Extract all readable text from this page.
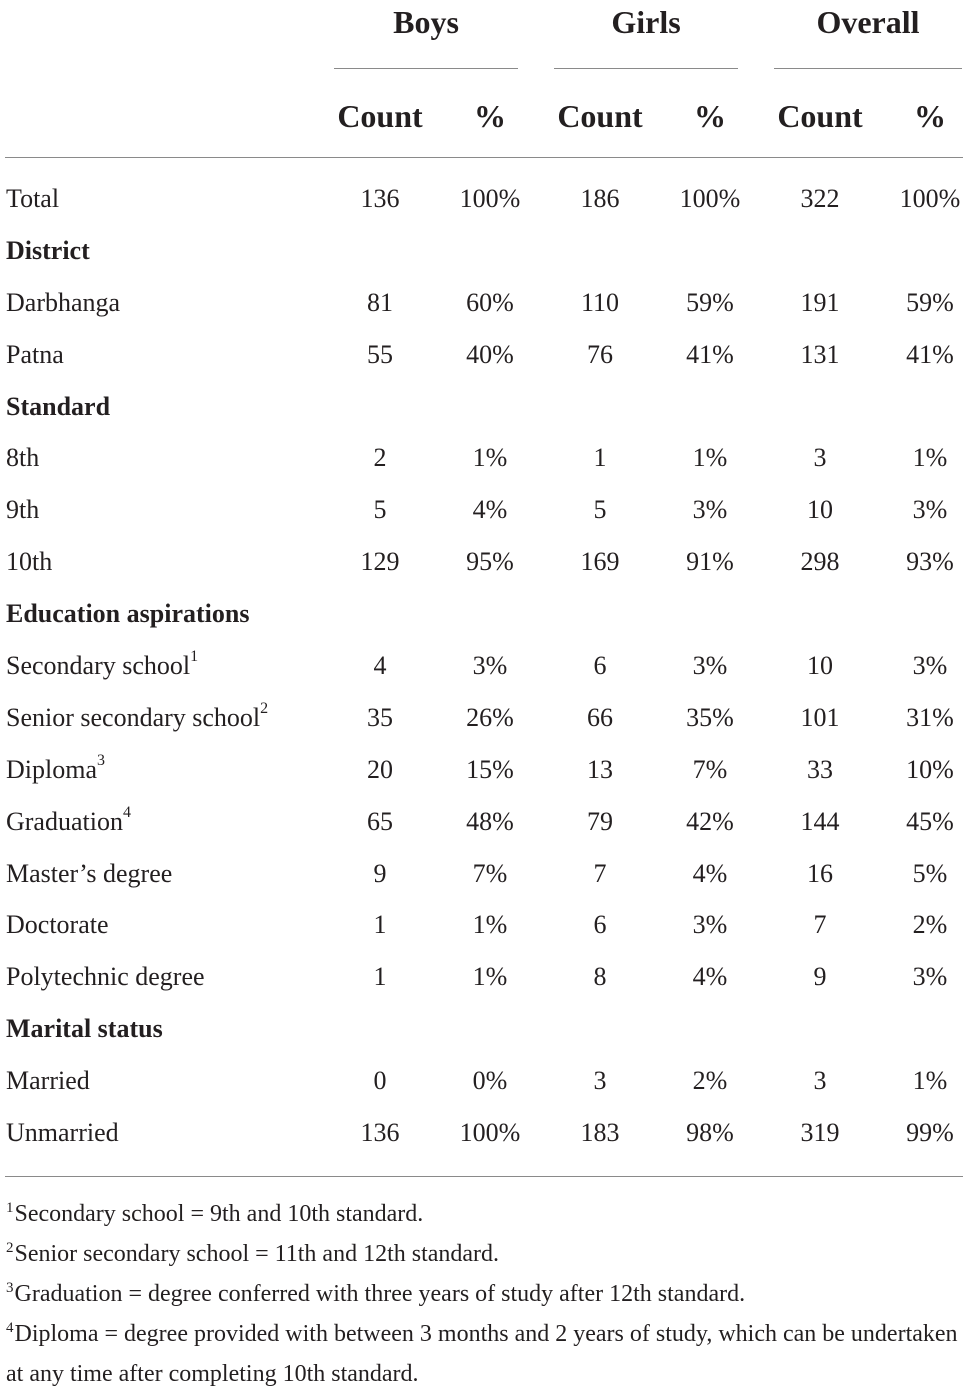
Boys	Girls	Overall
Count	%	Count	%	Count	%
Total	136	100%	186	100%	322	100%
District
Darbhanga	81	60%	110	59%	191	59%
Patna	55	40%	76	41%	131	41%
Standard
8th	2	1%	1	1%	3	1%
9th	5	4%	5	3%	10	3%
10th	129	95%	169	91%	298	93%
Education aspirations
Secondary school$^1$	4	3%	6	3%	10	3%
Senior secondary school$^2$	35	26%	66	35%	101	31%
Diploma$^3$	20	15%	13	7%	33	10%
Graduation$^4$	65	48%	79	42%	144	45%
Master’s degree	9	7%	7	4%	16	5%
Doctorate	1	1%	6	3%	7	2%
Polytechnic degree	1	1%	8	4%	9	3%
Marital status
Married	0	0%	3	2%	3	1%
Unmarried	136	100%	183	98%	319	99%
$^1$Secondary school = 9th and 10th standard.
$^2$Senior secondary school = 11th and 12th standard.
$^3$Graduation = degree conferred with three years of study after 12th standard.
$^4$Diploma = degree provided with between 3 months and 2 years of study, which can be undertaken at any time after completing 10th standard.
